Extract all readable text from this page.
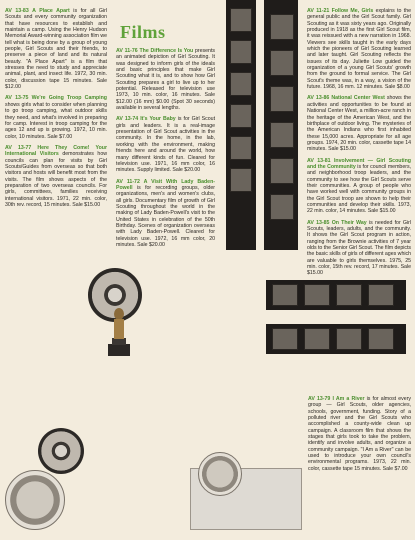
AV 13-83 A Place Apart is for all Girl Scouts and every community organization that have resources to establish and maintain a camp. Using the Henry Hudson Memorial Award-winning association film we tell what is being done by a group of young people, Girl Scouts and their friends, to preserve a piece of land and its natural beauty. "A Place Apart" is a film that stresses the need to study and appreciate animal, plant, and insect life. 1972, 30 min. color, discussion tape 15 minutes. Sale $12.00

AV 13-75 We're Going Troop Camping shows girls what to consider when planning to go troop camping, what outdoor skills they need, and what's involved in preparing for camp. Interest in troop camping for the ages 12 and up is growing. 1972, 10 min. color, 10 minutes. Sale $7.00

AV 13-77 Here They Come! Your International Visitors demonstrates how councils can plan for visits by Girl Scouts/Guides from overseas so that both visitors and hosts will benefit most from the visits. The film shows aspects of the preparation of two overseas councils. For girls, committees, families receiving international visitors. 1971, 22 min. color, 30th rev. record, 15 minutes. Sale $15.00

Films

AV 11-76 The Difference Is You presents an animated depiction of Girl Scouting. It was designed to inform girls of the ideals and basic principles that make Girl Scouting what it is, and to show how Girl Scouting prepares a girl to live up to her potential. Released for television use 1973, 10 min. color, 16 minutes. Sale $12.00 (16 mm) $0.00 (Spot 30 seconds) available in several lengths.

AV 13-74 It's Your Baby is for Girl Scout girls and leaders. It is a real-image presentation of Girl Scout activities in the community. In the home, in the lab, working with the environment, making friends here and around the world, how many different kinds of fun. Cleared for television use. 1971, 16 mm color, 16 minutes. Supply limited. Sale $20.00

AV 11-72 A Visit With Lady Baden-Powell is for recording groups, older organizations, men's and women's clubs, all girls. Documentary film of growth of Girl Scouting throughout the world in the making of Lady Baden-Powell's visit to the United States in celebration of the 50th Birthday. Scenes of organization overseas with Lady Baden-Powell. Cleared for television use. 1972, 16 mm color, 20 minutes. Sale $20.00

AV 11-21 Follow Me, Girls explains to the general public and the Girl Scout family. Girl Scouting as it was sixty years ago. Originally produced in 1918 as the first Girl Scout film, it was reissued with a new narration in 1968. Viewers see skills taught in the early days which the pioneers of Girl Scouting learned and later taught. Girl Scouting reflects the issues of its day. Juliette Low guided the organization of a young Girl Scouts' growth from the ground to formal service. The Girl Scout's theme was, in a way, a vision of the future. 1968, 16 mm. 12 minutes. Sale $8.00

AV 13-86 National Center West shows the activities and opportunities to be found at National Center West, a million-acre ranch in the heritage of the American West, and the birthplace of outdoor living. The mysteries of the American Indians who first inhabited these 15,000 acres. Appropriate for all age groups. 1974, 20 min. color, cassette tape 14 minutes. Sale $15.00

AV 13-81 Involvement — Girl Scouting and the Community is for council members, and neighborhood troop leaders, and the community to see how the Girl Scouts serve their communities. A group of people who have worked well with community groups in the Girl Scout troop are shown to help their communities and develop their skills. 1973, 22 min. color, 14 minutes. Sale $15.00

AV 13-85 On Their Way is needed for Girl Scouts, leaders, adults, and the community. It shows the Girl Scout program in action, ranging from the Brownie activities of 7 year olds to the Senior Girl Scout. The film depicts the basic skills of girls of different ages which are valuable to girls themselves. 1975, 25 min. color, 15th rev. record, 17 minutes. Sale $15.00

AV 13-79 I Am a River is for almost every group — Girl Scouts, older agencies, schools, government, funding. Story of a polluted river and the Girl Scouts who accomplished a county-wide clean up campaign. A classroom film that shows the stages that girls took to take the problem, identify and involve adults, and organize a community campaign. "I Am a River" can be used to introduce your own council's environmental programs. 1973, 22 min. color, cassette tape 15 minutes. Sale $7.00
